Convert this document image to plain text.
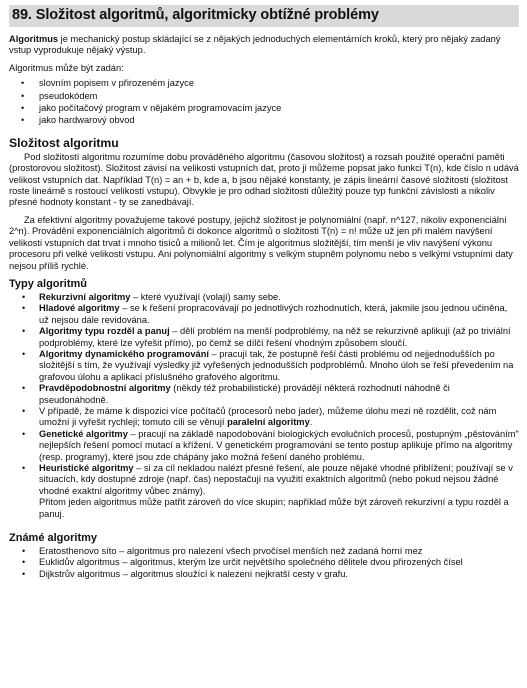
89. Složitost algoritmů, algoritmicky obtížné problémy

Algoritmus je mechanický postup skládající se z nějakých jednoduchých elementárních kroků, který pro nějaký zadaný vstup vyprodukuje nějaký výstup.

Algoritmus může být zadán:

• slovním popisem v přirozeném jazyce
• pseudokódem
• jako počítačový program v nějakém programovacím jazyce
• jako hardwarový obvod
Složitost algoritmu

Pod složitostí algoritmu rozumíme dobu prováděného algoritmu (časovou složitost) a rozsah použité operační paměti (prostorovou složitost). Složitost závisí na velikosti vstupních dat, proto ji můžeme popsat jako funkci T(n), kde číslo n udává velikost vstupních dat. Například T(n) = an + b, kde a, b jsou nějaké konstanty, je zápis lineární časové složitosti (složitost roste lineárně s rostoucí velikostí vstupu). Obvykle je pro odhad složitosti důležitý pouze typ funkční závislosti a nikoliv přesné hodnoty konstant - ty se zanedbávají.

Za efektivní algoritmy považujeme takové postupy, jejichž složitost je polynomiální (např. n^127, nikoliv exponenciální 2^n). Provádění exponenciálních algoritmů či dokonce algoritmů o složitosti T(n) = n! může už jen při malém navýšení velikosti vstupních dat trvat i mnoho tisíců a milionů let. Čím je algoritmus složitější, tím menší je vliv navýšení výkonu procesoru při velké velikosti vstupu. Ani polynomiální algoritmy s velkým stupněm polynomu nebo s velkými vstupními daty nejsou příliš rychlé.

Typy algoritmů
• Rekurzivní algoritmy – které využívají (volají) samy sebe.
• Hladové algoritmy – se k řešení propracovávají po jednotlivých rozhodnutích, která, jakmile jsou jednou učiněna, už nejsou dále revidována.
• Algoritmy typu rozděl a panuj – dělí problém na menší podproblémy, na něž se rekurzivně aplikují (až po triviální podproblémy, které lze vyřešit přímo), po čemž se dílčí řešení vhodným způsobem sloučí.
• Algoritmy dynamického programování – pracují tak, že postupně řeší části problému od nejjednodušších po složitější s tím, že využívají výsledky již vyřešených jednodušších podproblémů. Mnoho úloh se řeší převedením na grafovou úlohu a aplikací příslušného grafového algoritmu.
• Pravděpodobnostní algoritmy (někdy též probabilistické) provádějí některá rozhodnutí náhodně či pseudonáhodně.
• V případě, že máme k dispozici více počítačů (procesorů nebo jader), můžeme úlohu mezi ně rozdělit, což nám umožní ji vyřešit rychleji; tomuto cíli se věnují paralelní algoritmy.
• Genetické algoritmy – pracují na základě napodobování biologických evolučních procesů, postupným „pěstováním" nejlepších řešení pomocí mutací a křížení. V genetickém programování se tento postup aplikuje přímo na algoritmy (resp. programy), které jsou zde chápány jako možná řešení daného problému.
• Heuristické algoritmy – si za cíl nekladou nalézt přesné řešení, ale pouze nějaké vhodné přiblížení; používají se v situacích, kdy dostupné zdroje (např. čas) nepostačují na využití exaktních algoritmů (nebo pokud nejsou žádné vhodné exaktní algoritmy vůbec známy).

Přitom jeden algoritmus může patřit zároveň do více skupin; například může být zároveň rekurzivní a typu rozděl a panuj.

Známé algoritmy
• Eratosthenovo síto – algoritmus pro nalezení všech prvočísel menších než zadaná horní mez
• Euklidův algoritmus – algoritmus, kterým lze určit největšího společného dělitele dvou přirozených čísel
• Dijkstrův algoritmus – algoritmus sloužící k nalezení nejkratší cesty v grafu.
